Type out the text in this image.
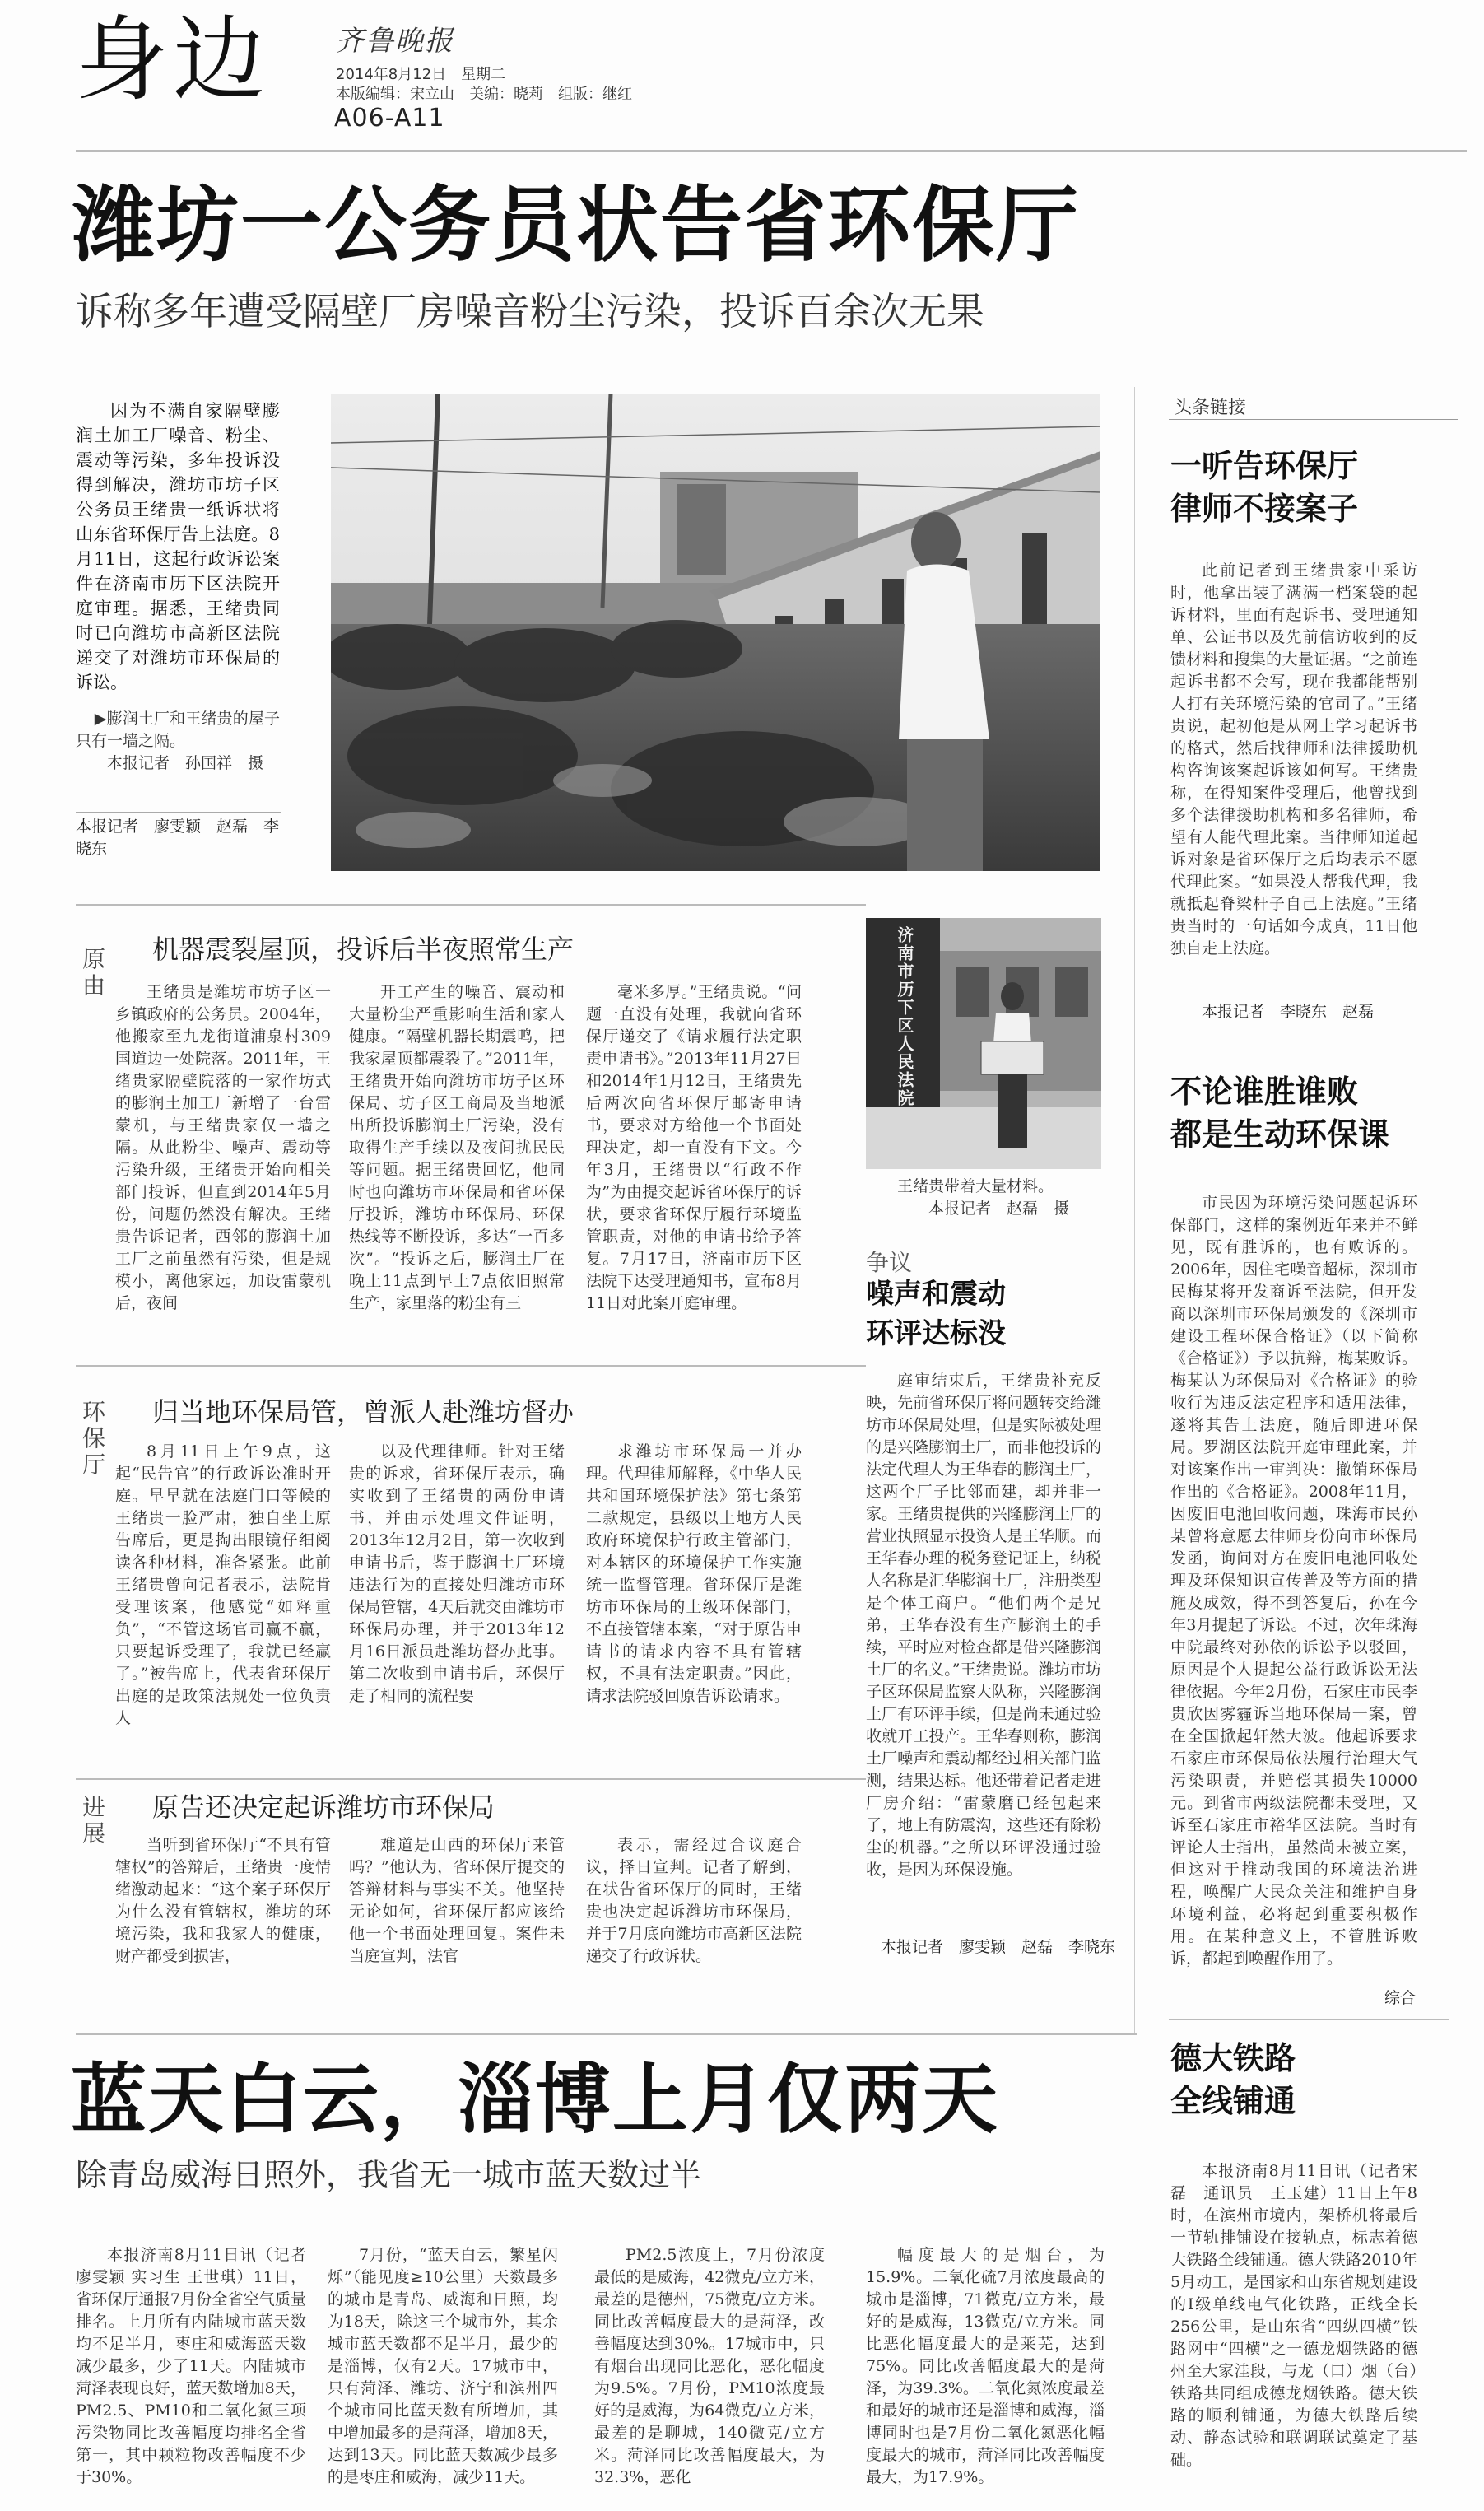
身边 齐鲁晚报
2014年8月12日　星期二
本版编辑：宋立山　美编：晓莉　组版：继红
A06-A11
潍坊一公务员状告省环保厅
诉称多年遭受隔壁厂房噪音粉尘污染，投诉百余次无果

因为不满自家隔壁膨润土加工厂噪音、粉尘、震动等污染，多年投诉没得到解决，潍坊市坊子区公务员王绪贵一纸诉状将山东省环保厅告上法庭。8月11日，这起行政诉讼案件在济南市历下区法院开庭审理。据悉，王绪贵同时已向潍坊市高新区法院递交了对潍坊市环保局的诉讼。

▶膨润土厂和王绪贵的屋子只有一墙之隔。
本报记者　孙国祥　摄
本报记者　廖雯颖　赵磊　李晓东
原由 机器震裂屋顶，投诉后半夜照常生产

王绪贵是潍坊市坊子区一乡镇政府的公务员。2004年，他搬家至九龙街道浦泉村309国道边一处院落。2011年，王绪贵家隔壁院落的一家作坊式的膨润土加工厂新增了一台雷蒙机，与王绪贵家仅一墙之隔。从此粉尘、噪声、震动等污染升级，王绪贵开始向相关部门投诉，但直到2014年5月份，问题仍然没有解决。王绪贵告诉记者，西邻的膨润土加工厂之前虽然有污染，但是规模小，离他家远，加设雷蒙机后，夜间

开工产生的噪音、震动和大量粉尘严重影响生活和家人健康。“隔壁机器长期震鸣，把我家屋顶都震裂了。”2011年，王绪贵开始向潍坊市坊子区环保局、坊子区工商局及当地派出所投诉膨润土厂污染，没有取得生产手续以及夜间扰民民等问题。据王绪贵回忆，他同时也向潍坊市环保局和省环保厅投诉，潍坊市环保局、环保热线等不断投诉，多达“一百多次”。“投诉之后，膨润土厂在晚上11点到早上7点依旧照常生产，家里落的粉尘有三

毫米多厚。”王绪贵说。“问题一直没有处理，我就向省环保厅递交了《请求履行法定职责申请书》。”2013年11月27日和2014年1月12日，王绪贵先后两次向省环保厅邮寄申请书，要求对方给他一个书面处理决定，却一直没有下文。今年3月，王绪贵以“行政不作为”为由提交起诉省环保厅的诉状，要求省环保厅履行环境监管职责，对他的申请书给予答复。7月17日，济南市历下区法院下达受理通知书，宣布8月11日对此案开庭审理。

环保厅 归当地环保局管，曾派人赴潍坊督办

8月11日上午9点，这起“民告官”的行政诉讼准时开庭。早早就在法庭门口等候的王绪贵一脸严肃，独自坐上原告席后，更是掏出眼镜仔细阅读各种材料，准备紧张。此前王绪贵曾向记者表示，法院肯受理该案，他感觉“如释重负”，“不管这场官司赢不赢，只要起诉受理了，我就已经赢了。”被告席上，代表省环保厅出庭的是政策法规处一位负责人

以及代理律师。针对王绪贵的诉求，省环保厅表示，确实收到了王绪贵的两份申请书，并由示处理文件证明，2013年12月2日，第一次收到申请书后，鉴于膨润土厂环境违法行为的直接处归潍坊市环保局管辖，4天后就交由潍坊市环保局办理，并于2013年12月16日派员赴潍坊督办此事。第二次收到申请书后，环保厅走了相同的流程要

求潍坊市环保局一并办理。代理律师解释，《中华人民共和国环境保护法》第七条第二款规定，县级以上地方人民政府环境保护行政主管部门，对本辖区的环境保护工作实施统一监督管理。省环保厅是潍坊市环保局的上级环保部门，不直接管辖本案，“对于原告申请书的请求内容不具有管辖权，不具有法定职责。”因此，请求法院驳回原告诉讼请求。

进展 原告还决定起诉潍坊市环保局

当听到省环保厅“不具有管辖权”的答辩后，王绪贵一度情绪激动起来：“这个案子环保厅为什么没有管辖权，潍坊的环境污染，我和我家人的健康，财产都受到损害，

难道是山西的环保厅来管吗？”他认为，省环保厅提交的答辩材料与事实不关。他坚持无论如何，省环保厅都应该给他一个书面处理回复。案件未当庭宣判，法官

表示，需经过合议庭合议，择日宣判。记者了解到，在状告省环保厅的同时，王绪贵也决定起诉潍坊市环保局，并于7月底向潍坊市高新区法院递交了行政诉状。

济南市历下区人民法院
王绪贵带着大量材料。
本报记者　赵磊　摄
争议
噪声和震动
环评达标没

庭审结束后，王绪贵补充反映，先前省环保厅将问题转交给潍坊市环保局处理，但是实际被处理的是兴隆膨润土厂，而非他投诉的法定代理人为王华春的膨润土厂，这两个厂子比邻而建，却并非一家。王绪贵提供的兴隆膨润土厂的营业执照显示投资人是王华顺。而王华春办理的税务登记证上，纳税人名称是汇华膨润土厂，注册类型是个体工商户。“他们两个是兄弟，王华春没有生产膨润土的手续，平时应对检查都是借兴隆膨润土厂的名义。”王绪贵说。潍坊市坊子区环保局监察大队称，兴隆膨润土厂有环评手续，但是尚未通过验收就开工投产。王华春则称，膨润土厂噪声和震动都经过相关部门监测，结果达标。他还带着记者走进厂房介绍：“雷蒙磨已经包起来了，地上有防震沟，这些还有除粉尘的机器。”之所以环评没通过验收，是因为环保设施。

本报记者　廖雯颖　赵磊　李晓东
头条链接
一听告环保厅
律师不接案子

此前记者到王绪贵家中采访时，他拿出装了满满一档案袋的起诉材料，里面有起诉书、受理通知单、公证书以及先前信访收到的反馈材料和搜集的大量证据。“之前连起诉书都不会写，现在我都能帮别人打有关环境污染的官司了。”王绪贵说，起初他是从网上学习起诉书的格式，然后找律师和法律援助机构咨询该案起诉该如何写。王绪贵称，在得知案件受理后，他曾找到多个法律援助机构和多名律师，希望有人能代理此案。当律师知道起诉对象是省环保厅之后均表示不愿代理此案。“如果没人帮我代理，我就抵起脊梁杆子自己上法庭。”王绪贵当时的一句话如今成真，11日他独自走上法庭。

本报记者　李晓东　赵磊
不论谁胜谁败
都是生动环保课

市民因为环境污染问题起诉环保部门，这样的案例近年来并不鲜见，既有胜诉的，也有败诉的。2006年，因住宅噪音超标，深圳市民梅某将开发商诉至法院，但开发商以深圳市环保局颁发的《深圳市建设工程环保合格证》（以下简称《合格证》）予以抗辩，梅某败诉。梅某认为环保局对《合格证》的验收行为违反法定程序和适用法律，遂将其告上法庭，随后即进环保局。罗湖区法院开庭审理此案，并对该案作出一审判决：撤销环保局作出的《合格证》。2008年11月，因废旧电池回收问题，珠海市民孙某曾将意愿去律师身份向市环保局发函，询问对方在废旧电池回收处理及环保知识宣传普及等方面的措施及成效，得不到答复后，孙在今年3月提起了诉讼。不过，次年珠海中院最终对孙依的诉讼予以驳回，原因是个人提起公益行政诉讼无法律依据。今年2月份，石家庄市民李贵欣因雾霾诉当地环保局一案，曾在全国掀起轩然大波。他起诉要求石家庄市环保局依法履行治理大气污染职责，并赔偿其损失10000元。到省市两级法院都未受理，又诉至石家庄市裕华区法院。当时有评论人士指出，虽然尚未被立案，但这对于推动我国的环境法治进程，唤醒广大民众关注和维护自身环境利益，必将起到重要积极作用。在某种意义上，不管胜诉败诉，都起到唤醒作用了。

综合
德大铁路
全线铺通

本报济南8月11日讯（记者宋磊　通讯员　王玉建）11日上午8时，在滨州市境内，架桥机将最后一节轨排铺设在接轨点，标志着德大铁路全线铺通。德大铁路2010年5月动工，是国家和山东省规划建设的I级单线电气化铁路，正线全长256公里，是山东省“四纵四横”铁路网中“四横”之一德龙烟铁路的德州至大家洼段，与龙（口）烟（台）铁路共同组成德龙烟铁路。德大铁路的顺利铺通，为德大铁路后续动、静态试验和联调联试奠定了基础。

蓝天白云，淄博上月仅两天
除青岛威海日照外，我省无一城市蓝天数过半

本报济南8月11日讯（记者 廖雯颖 实习生 王世琪）11日，省环保厅通报7月份全省空气质量排名。上月所有内陆城市蓝天数均不足半月，枣庄和威海蓝天数减少最多，少了11天。内陆城市菏泽表现良好，蓝天数增加8天，PM2.5、PM10和二氧化氮三项污染物同比改善幅度均排名全省第一，其中颗粒物改善幅度不少于30%。

7月份，“蓝天白云，繁星闪烁”（能见度≥10公里）天数最多的城市是青岛、威海和日照，均为18天，除这三个城市外，其余城市蓝天数都不足半月，最少的是淄博，仅有2天。17城市中，只有菏泽、潍坊、济宁和滨州四个城市同比蓝天数有所增加，其中增加最多的是菏泽，增加8天，达到13天。同比蓝天数减少最多的是枣庄和威海，减少11天。

PM2.5浓度上，7月份浓度最低的是威海，42微克/立方米，最差的是德州，75微克/立方米。同比改善幅度最大的是菏泽，改善幅度达到30%。17城市中，只有烟台出现同比恶化，恶化幅度为9.5%。7月份，PM10浓度最好的是威海，为64微克/立方米，最差的是聊城，140微克/立方米。菏泽同比改善幅度最大，为32.3%，恶化

幅度最大的是烟台，为15.9%。二氧化硫7月浓度最高的城市是淄博，71微克/立方米，最好的是威海，13微克/立方米。同比恶化幅度最大的是莱芜，达到75%。同比改善幅度最大的是菏泽，为39.3%。二氧化氮浓度最差和最好的城市还是淄博和威海，淄博同时也是7月份二氧化氮恶化幅度最大的城市，菏泽同比改善幅度最大，为17.9%。
